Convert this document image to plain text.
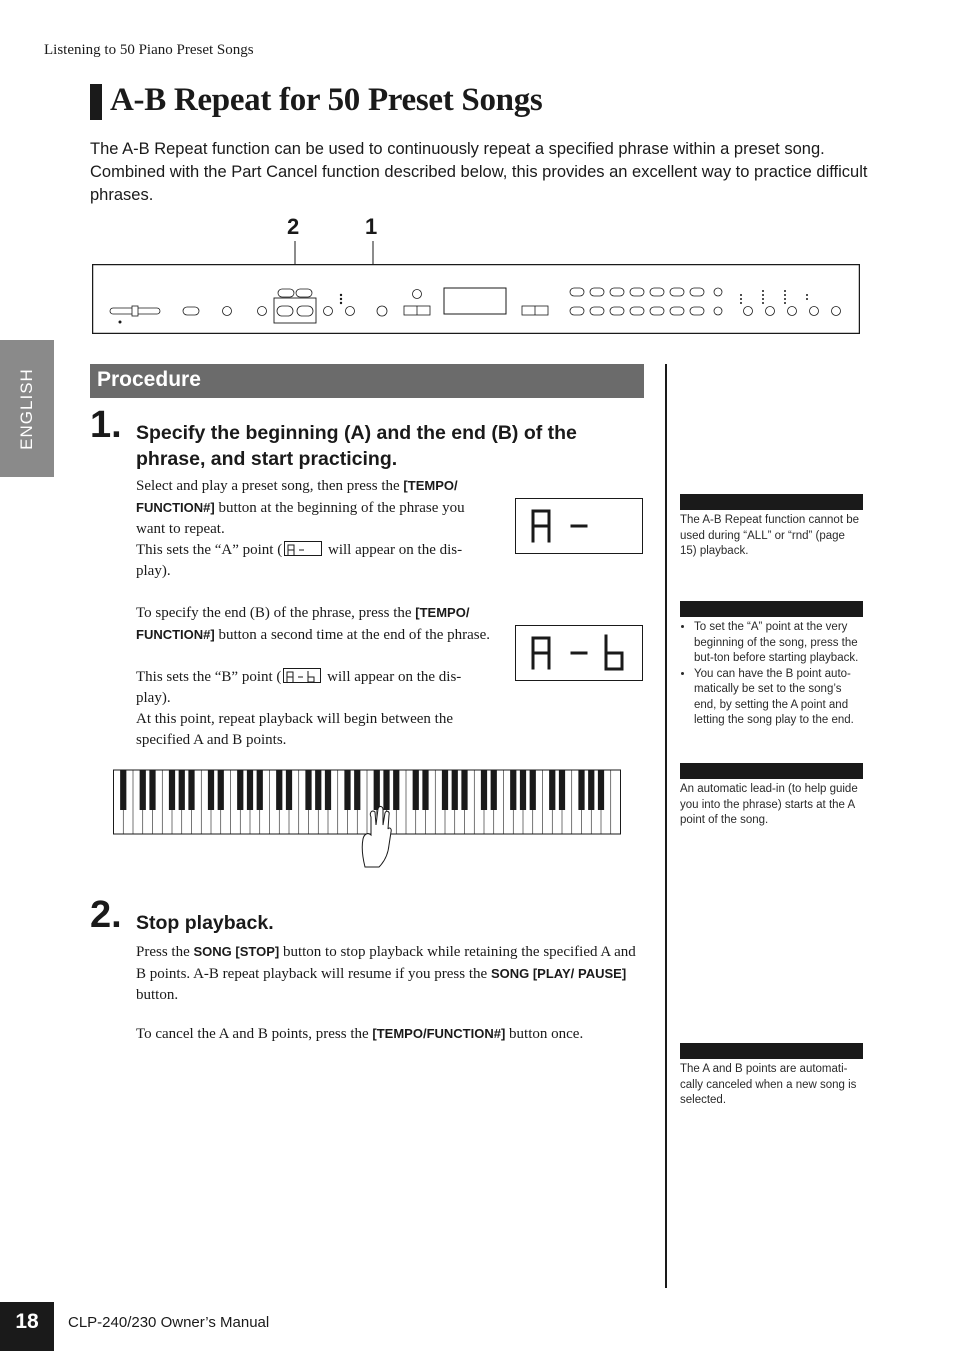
Listening to 50 Piano Preset Songs
A-B Repeat for 50 Preset Songs
The A-B Repeat function can be used to continuously repeat a specified phrase within a preset song. Combined with the Part Cancel function described below, this provides an excellent way to practice difficult phrases.
2	1
ENGLISH	Procedure
1. Specify the beginning (A) and the end (B) of the phrase, and start practicing.
Select and play a preset song, then press the [TEMPO/ FUNCTION#] button at the beginning of the phrase you want to repeat.
This sets the “A” point (	will appear on the dis-play).
To specify the end (B) of the phrase, press the [TEMPO/ FUNCTION#] button a second time at the end of the phrase.
This sets the “B” point (	will appear on the dis-play).
At this point, repeat playback will begin between the specified A and B points.
2. Stop playback.
Press the SONG [STOP] button to stop playback while retaining the specified A and B points. A-B repeat playback will resume if you press the SONG [PLAY/ PAUSE] button.
To cancel the A and B points, press the [TEMPO/FUNCTION#] button once.
The A-B Repeat function cannot be used during “ALL” or “rnd” (page 15) playback.
• To set the “A” point at the very beginning of the song, press the but-ton before starting playback.
• You can have the B point auto-matically be set to the song’s end, by setting the A point and letting the song play to the end.
An automatic lead-in (to help guide you into the phrase) starts at the A point of the song.
The A and B points are automati-cally canceled when a new song is selected.
18	CLP-240/230 Owner’s Manual
